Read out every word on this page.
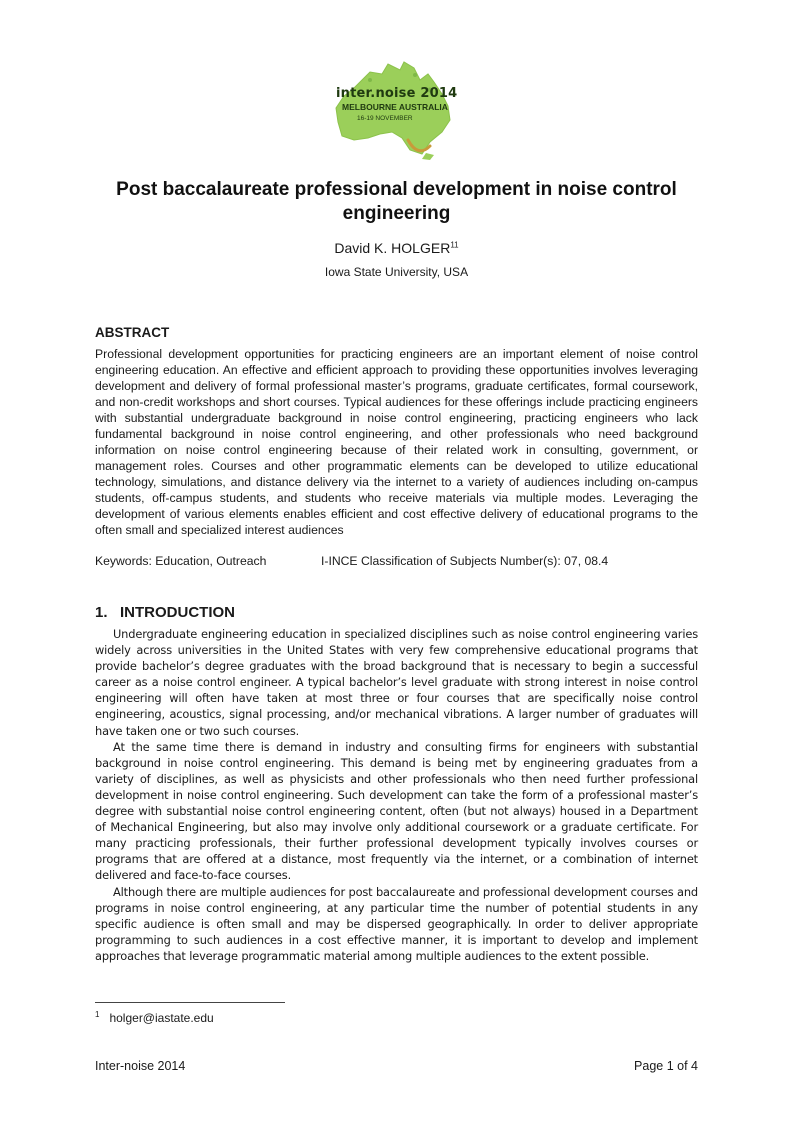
inter.noise 2014
MELBOURNE AUSTRALIA
16-19 NOVEMBER
Post baccalaureate professional development in noise control engineering
David K. HOLGER$^{11}$
Iowa State University, USA
ABSTRACT

Professional development opportunities for practicing engineers are an important element of noise control engineering education. An effective and efficient approach to providing these opportunities involves leveraging development and delivery of formal professional master’s programs, graduate certificates, formal coursework, and non-credit workshops and short courses. Typical audiences for these offerings include practicing engineers with substantial undergraduate background in noise control engineering, practicing engineers who lack fundamental background in noise control engineering, and other professionals who need background information on noise control engineering because of their related work in consulting, government, or management roles. Courses and other programmatic elements can be developed to utilize educational technology, simulations, and distance delivery via the internet to a variety of audiences including on-campus students, off-campus students, and students who receive materials via multiple modes. Leveraging the development of various elements enables efficient and cost effective delivery of educational programs to the often small and specialized interest audiences

Keywords: Education, Outreach	I-INCE Classification of Subjects Number(s): 07, 08.4
1. INTRODUCTION

Undergraduate engineering education in specialized disciplines such as noise control engineering varies widely across universities in the United States with very few comprehensive educational programs that provide bachelor’s degree graduates with the broad background that is necessary to begin a successful career as a noise control engineer. A typical bachelor’s level graduate with strong interest in noise control engineering will often have taken at most three or four courses that are specifically noise control engineering, acoustics, signal processing, and/or mechanical vibrations. A larger number of graduates will have taken one or two such courses.

At the same time there is demand in industry and consulting firms for engineers with substantial background in noise control engineering. This demand is being met by engineering graduates from a variety of disciplines, as well as physicists and other professionals who then need further professional development in noise control engineering. Such development can take the form of a professional master’s degree with substantial noise control engineering content, often (but not always) housed in a Department of Mechanical Engineering, but also may involve only additional coursework or a graduate certificate. For many practicing professionals, their further professional development typically involves courses or programs that are offered at a distance, most frequently via the internet, or a combination of internet delivered and face-to-face courses.

Although there are multiple audiences for post baccalaureate and professional development courses and programs in noise control engineering, at any particular time the number of potential students in any specific audience is often small and may be dispersed geographically. In order to deliver appropriate programming to such audiences in a cost effective manner, it is important to develop and implement approaches that leverage programmatic material among multiple audiences to the extent possible.

$^1$ holger@iastate.edu
Inter-noise 2014	Page 1 of 4
